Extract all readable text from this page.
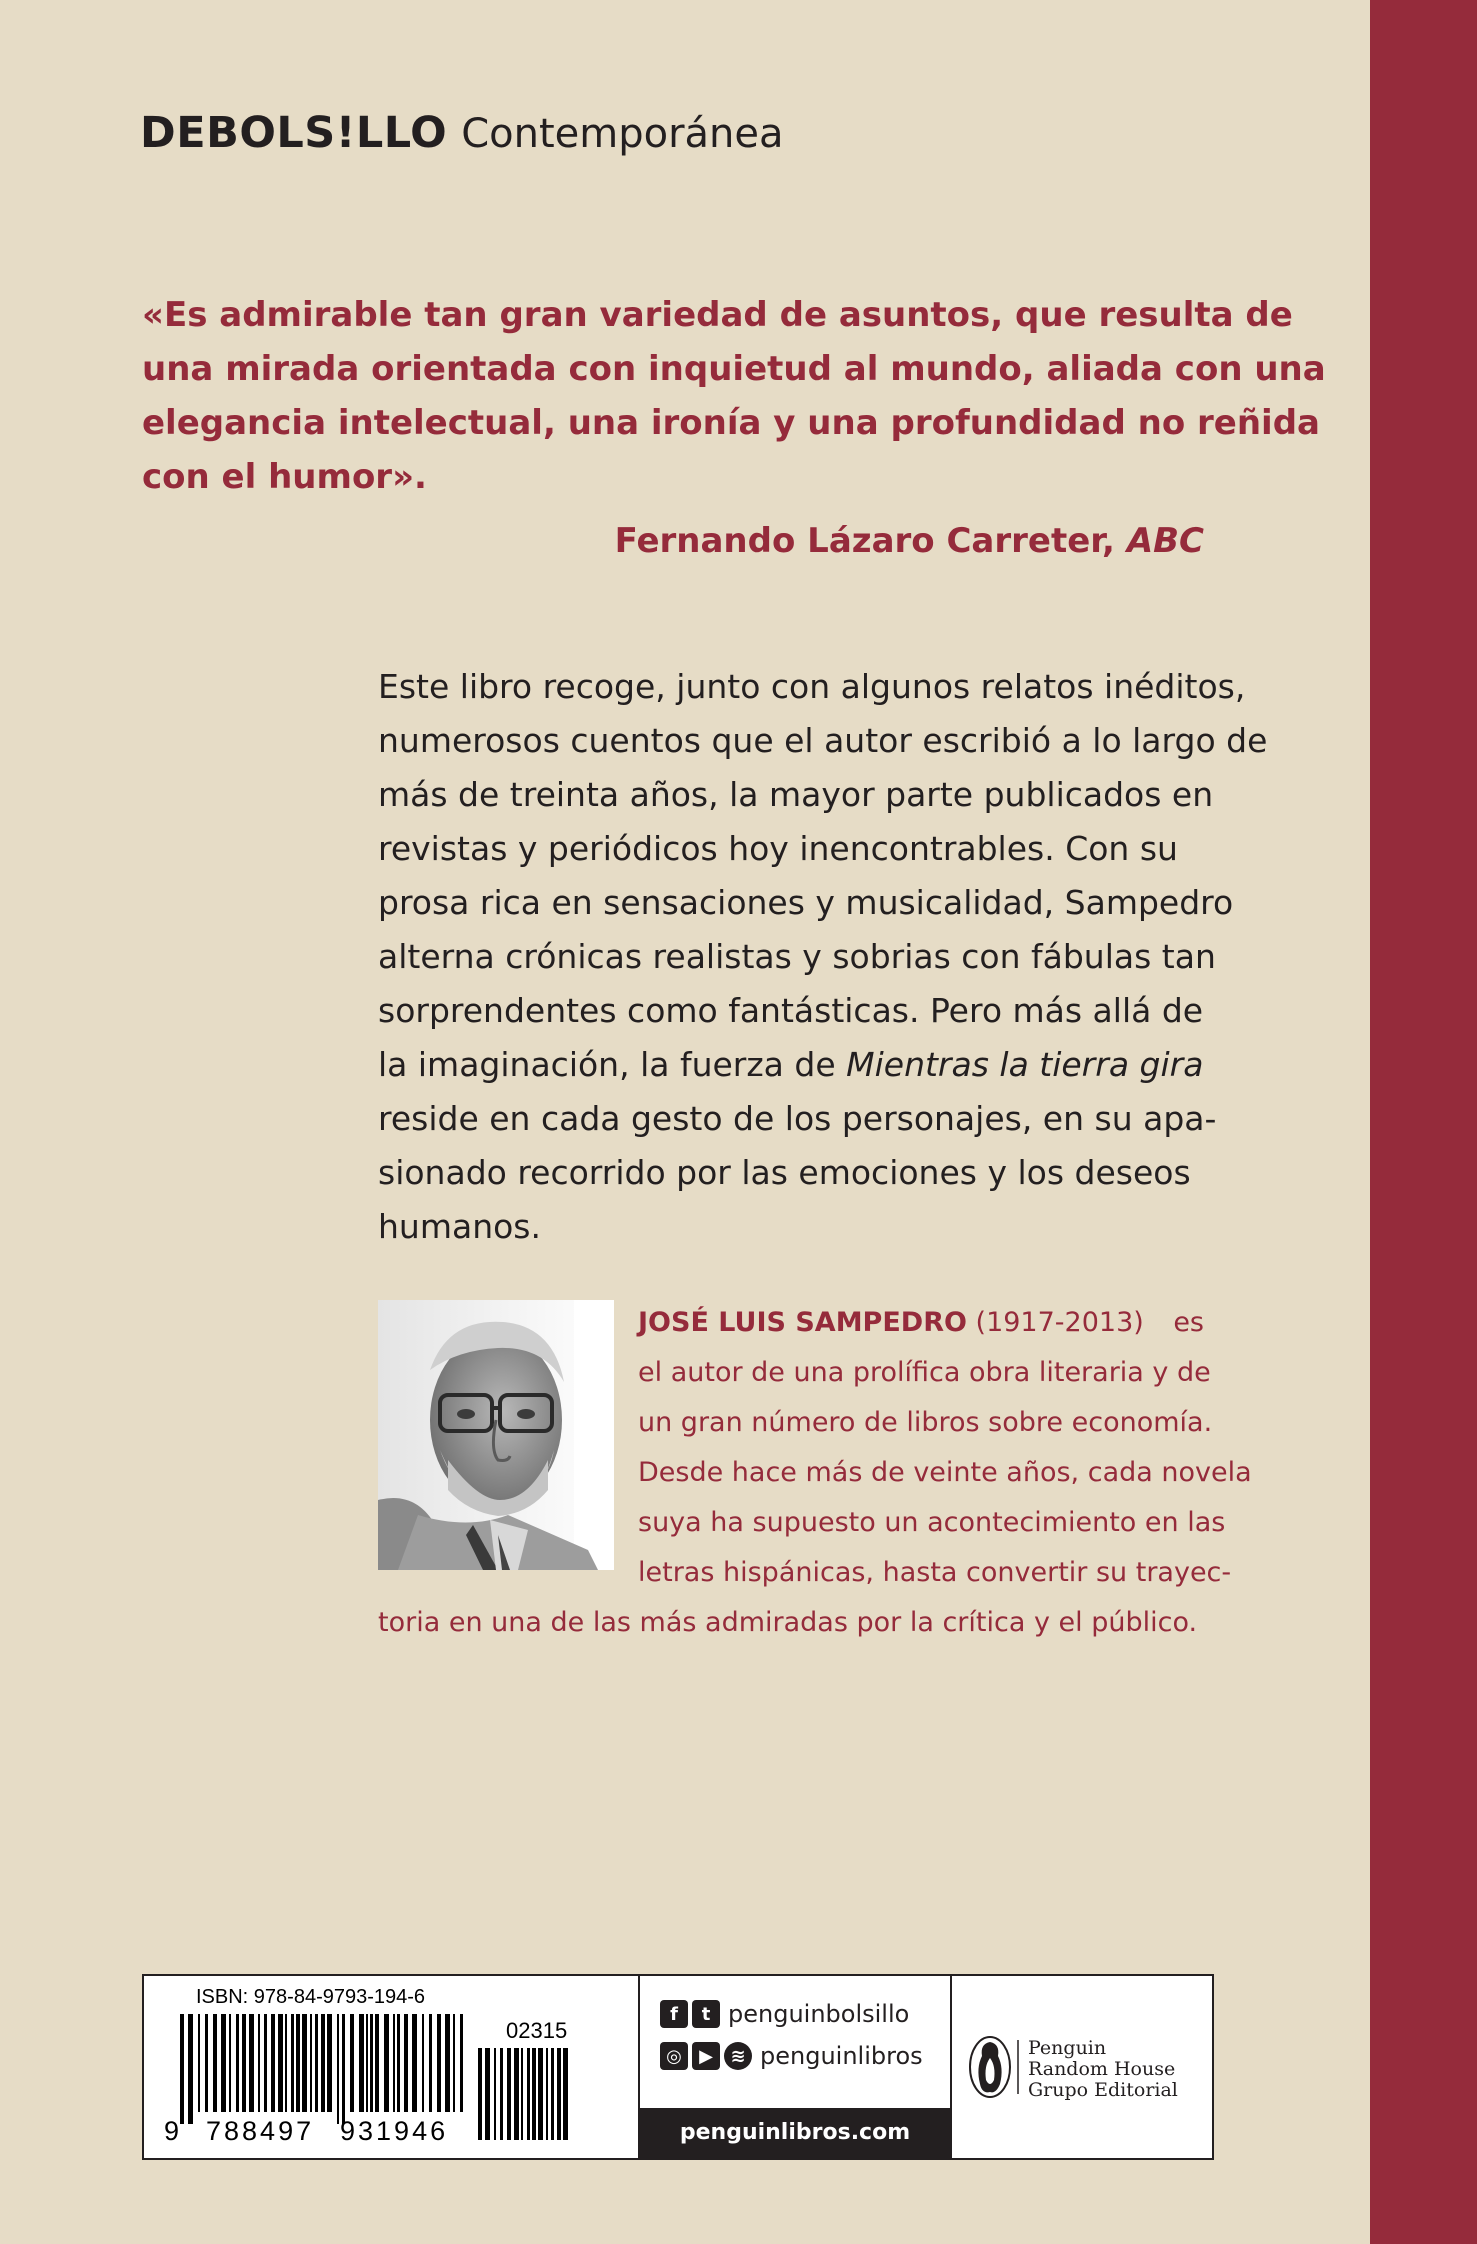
DEBOLS!LLO Contemporánea
«Es admirable tan gran variedad de asuntos, que resulta de
una mirada orientada con inquietud al mundo, aliada con una
elegancia intelectual, una ironía y una profundidad no reñida
con el humor».
Fernando Lázaro Carreter, ABC
Este libro recoge, junto con algunos relatos inéditos,
numerosos cuentos que el autor escribió a lo largo de
más de treinta años, la mayor parte publicados en
revistas y periódicos hoy inencontrables. Con su
prosa rica en sensaciones y musicalidad, Sampedro
alterna crónicas realistas y sobrias con fábulas tan
sorprendentes como fantásticas. Pero más allá de
la imaginación, la fuerza de Mientras la tierra gira
reside en cada gesto de los personajes, en su apa-
sionado recorrido por las emociones y los deseos
humanos.
JOSÉ LUIS SAMPEDRO (1917-2013) es
el autor de una prolífica obra literaria y de
un gran número de libros sobre economía.
Desde hace más de veinte años, cada novela
suya ha supuesto un acontecimiento en las
letras hispánicas, hasta convertir su trayec-
toria en una de las más admiradas por la crítica y el público.
ISBN: 978-84-9793-194-6
02315
9 788497 931946
f	t penguinbolsillo
◎ ▶ ≋ penguinlibros
penguinlibros.com
Penguin
Random House
Grupo Editorial
